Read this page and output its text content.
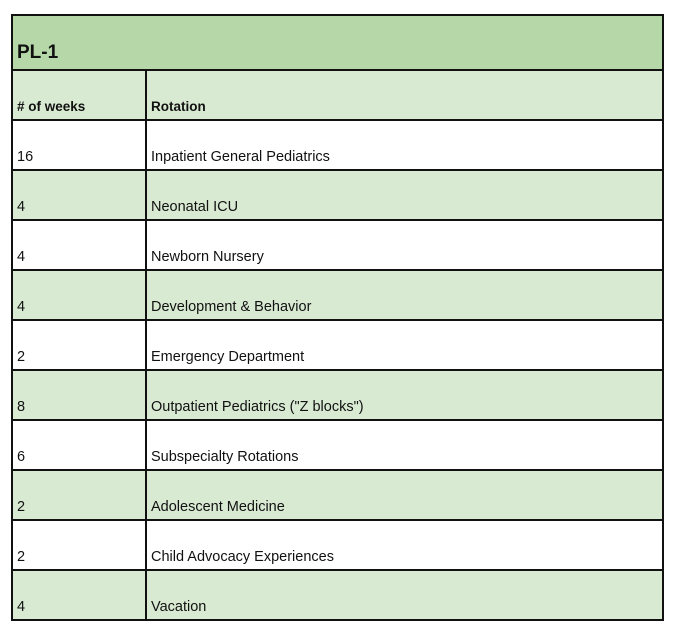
PL-1	
# of weeks	Rotation
16	Inpatient General Pediatrics
4	Neonatal ICU
4	Newborn Nursery
4	Development & Behavior
2	Emergency Department
8	Outpatient Pediatrics ("Z blocks")
6	Subspecialty Rotations
2	Adolescent Medicine
2	Child Advocacy Experiences
4	Vacation
